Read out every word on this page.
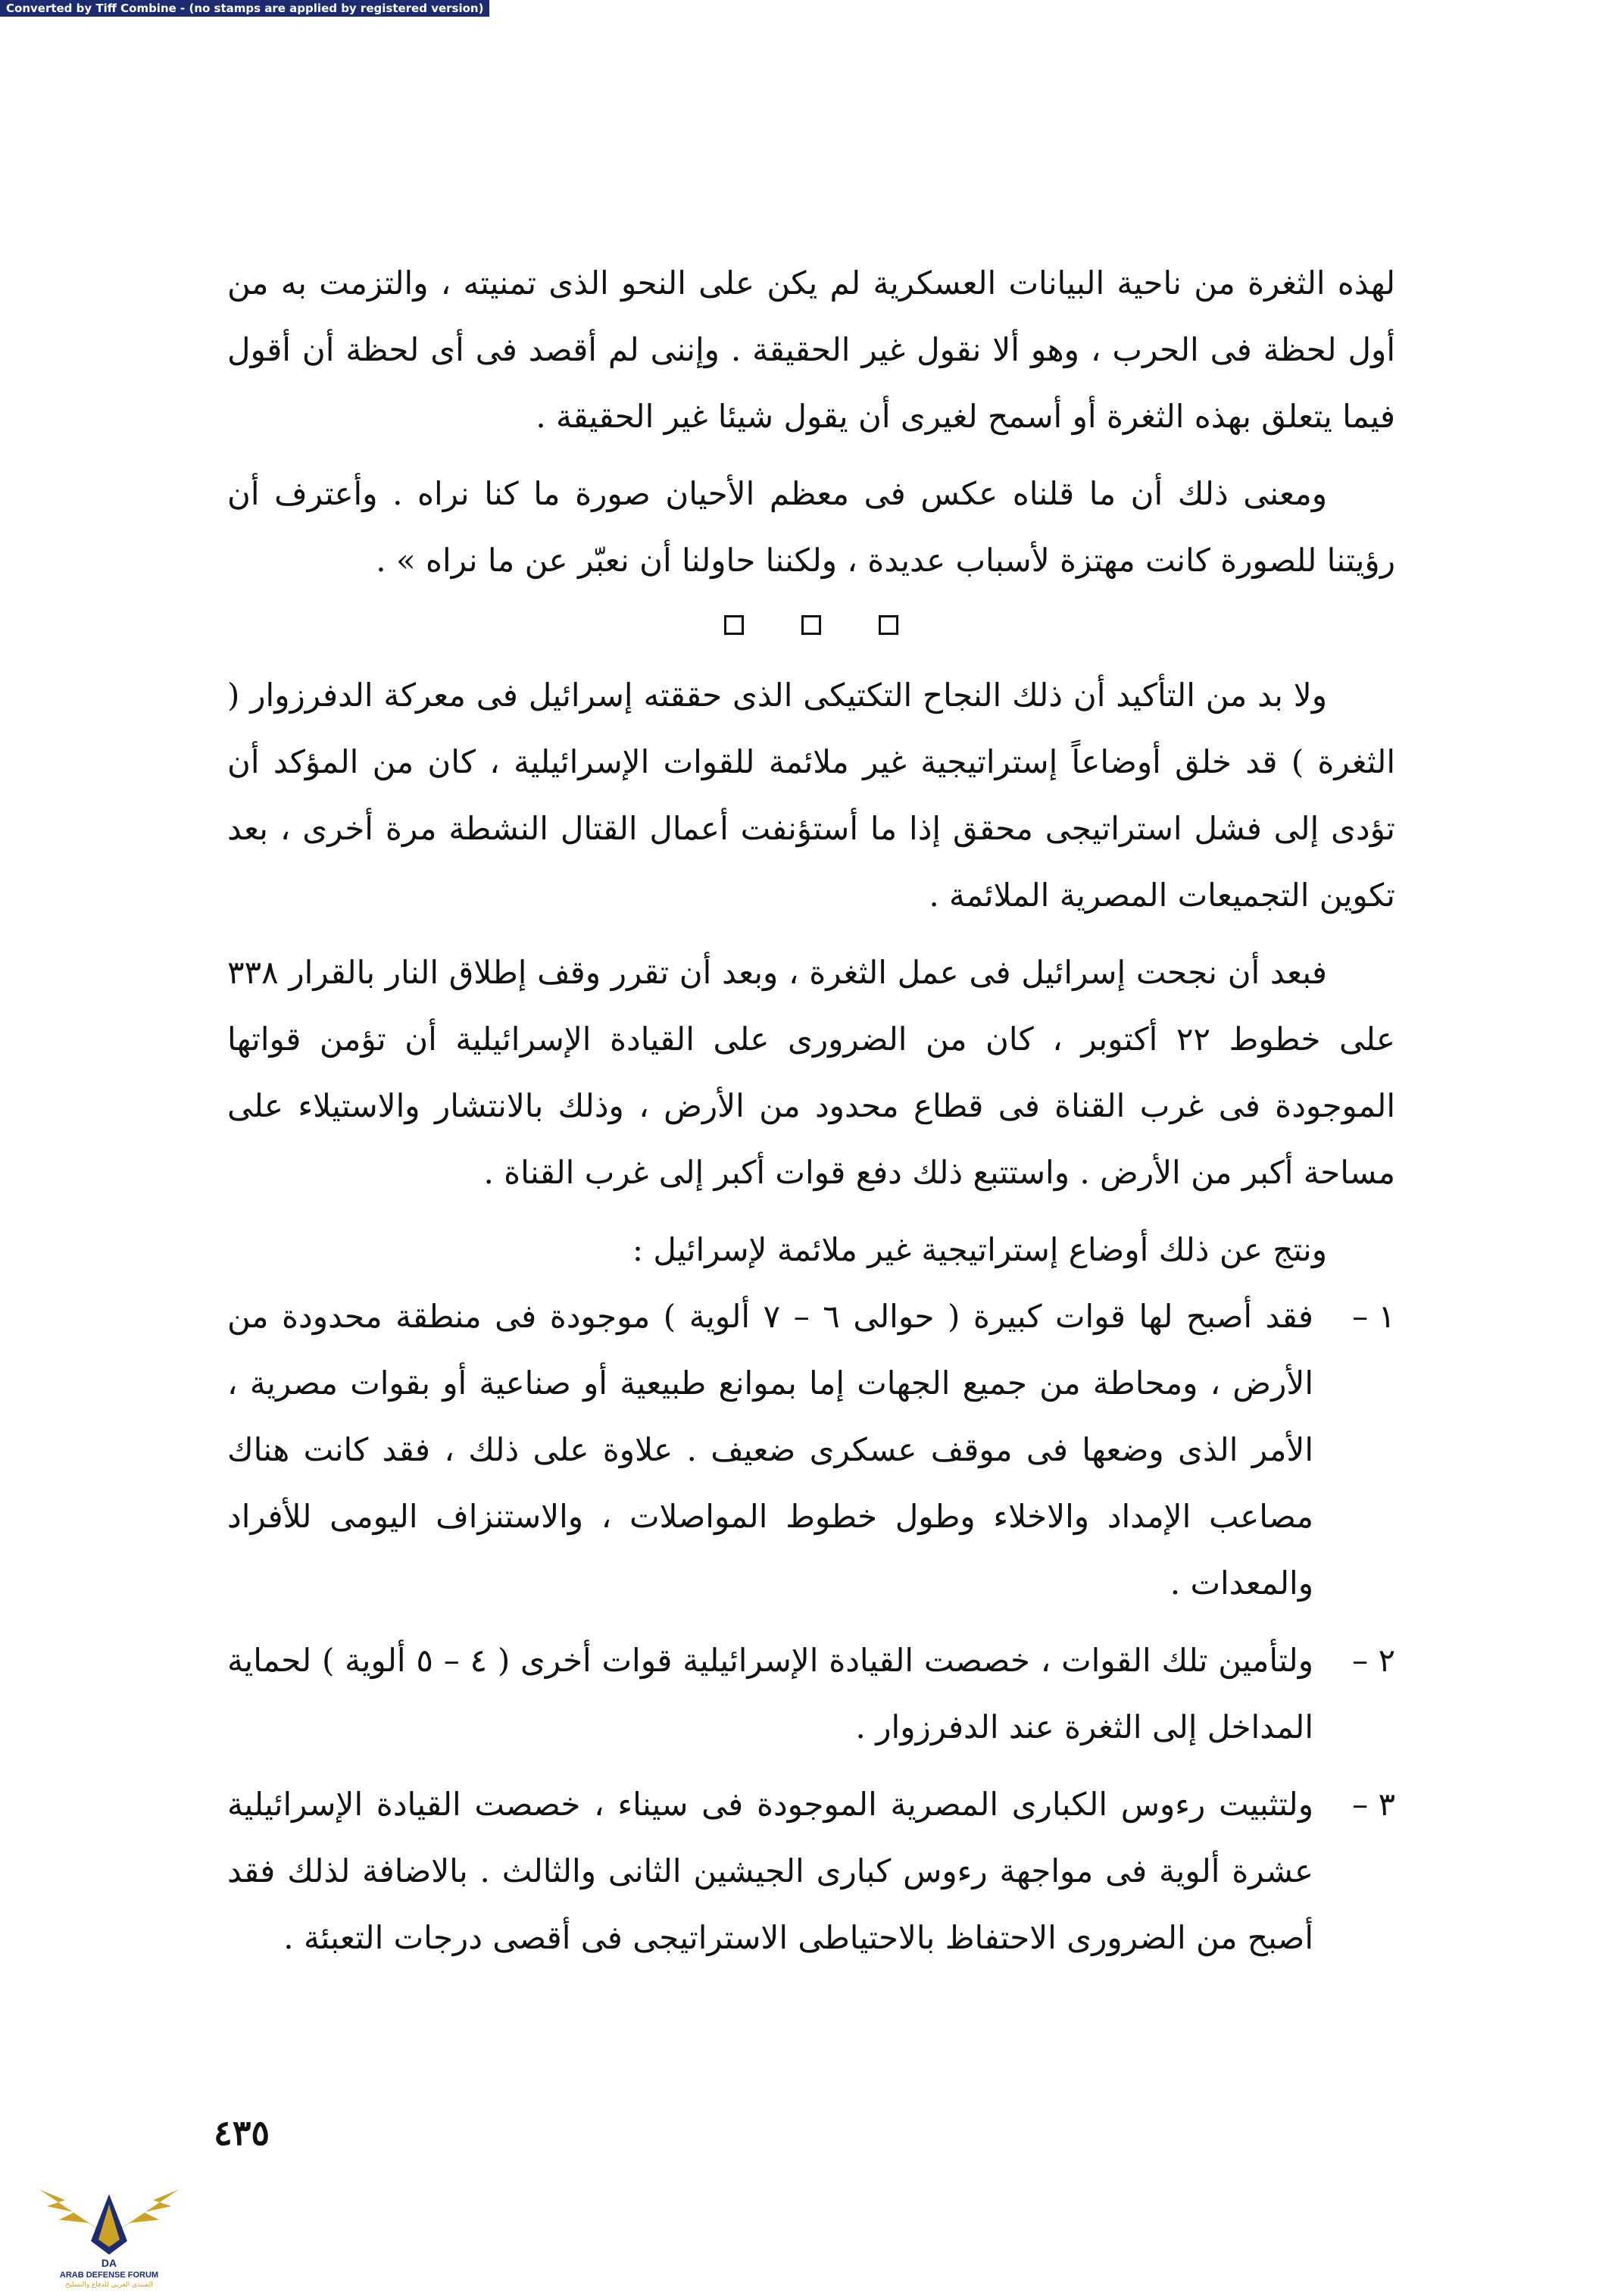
Converted by Tiff Combine - (no stamps are applied by registered version)

لهذه الثغرة من ناحية البيانات العسكرية لم يكن على النحو الذى تمنيته ، والتزمت به من أول لحظة فى الحرب ، وهو ألا نقول غير الحقيقة . وإننى لم أقصد فى أى لحظة أن أقول فيما يتعلق بهذه الثغرة أو أسمح لغيرى أن يقول شيئا غير الحقيقة .

ومعنى ذلك أن ما قلناه عكس فى معظم الأحيان صورة ما كنا نراه . وأعترف أن رؤيتنا للصورة كانت مهتزة لأسباب عديدة ، ولكننا حاولنا أن نعبّر عن ما نراه » .

ولا بد من التأكيد أن ذلك النجاح التكتيكى الذى حققته إسرائيل فى معركة الدفرزوار ( الثغرة ) قد خلق أوضاعاً إستراتيجية غير ملائمة للقوات الإسرائيلية ، كان من المؤكد أن تؤدى إلى فشل استراتيجى محقق إذا ما أستؤنفت أعمال القتال النشطة مرة أخرى ، بعد تكوين التجميعات المصرية الملائمة .

فبعد أن نجحت إسرائيل فى عمل الثغرة ، وبعد أن تقرر وقف إطلاق النار بالقرار ٣٣٨ على خطوط ٢٢ أكتوبر ، كان من الضرورى على القيادة الإسرائيلية أن تؤمن قواتها الموجودة فى غرب القناة فى قطاع محدود من الأرض ، وذلك بالانتشار والاستيلاء على مساحة أكبر من الأرض . واستتبع ذلك دفع قوات أكبر إلى غرب القناة .

ونتج عن ذلك أوضاع إستراتيجية غير ملائمة لإسرائيل :

١ –
فقد أصبح لها قوات كبيرة ( حوالى ٦ – ٧ ألوية ) موجودة فى منطقة محدودة من الأرض ، ومحاطة من جميع الجهات إما بموانع طبيعية أو صناعية أو بقوات مصرية ، الأمر الذى وضعها فى موقف عسكرى ضعيف . علاوة على ذلك ، فقد كانت هناك مصاعب الإمداد والاخلاء وطول خطوط المواصلات ، والاستنزاف اليومى للأفراد والمعدات .
٢ –
ولتأمين تلك القوات ، خصصت القيادة الإسرائيلية قوات أخرى ( ٤ – ٥ ألوية ) لحماية المداخل إلى الثغرة عند الدفرزوار .
٣ –
ولتثبيت رءوس الكبارى المصرية الموجودة فى سيناء ، خصصت القيادة الإسرائيلية عشرة ألوية فى مواجهة رءوس كبارى الجيشين الثانى والثالث . بالاضافة لذلك فقد أصبح من الضرورى الاحتفاظ بالاحتياطى الاستراتيجى فى أقصى درجات التعبئة .
٤٣٥
DA
ARAB DEFENSE FORUM
المنتدى العربي للدفاع والتسليح
